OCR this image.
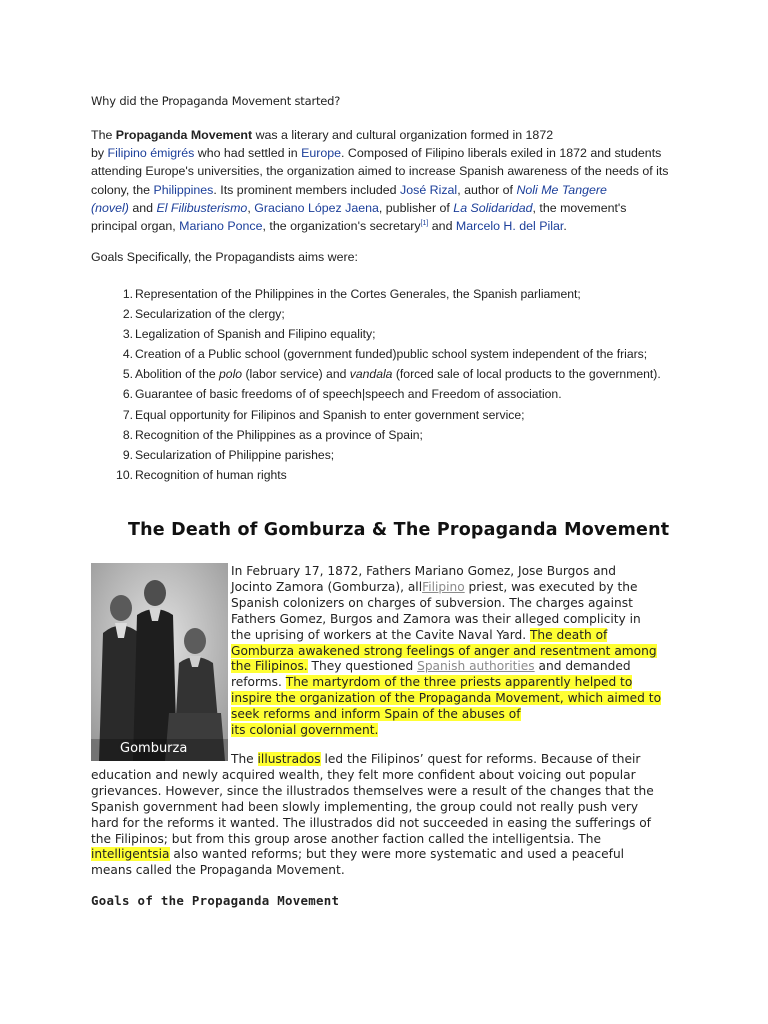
Why did the Propaganda Movement started?
The Propaganda Movement was a literary and cultural organization formed in 1872
by Filipino émigrés who had settled in Europe. Composed of Filipino liberals exiled in 1872 and students
attending Europe's universities, the organization aimed to increase Spanish awareness of the needs of its
colony, the Philippines. Its prominent members included José Rizal, author of Noli Me Tangere
(novel) and El Filibusterismo, Graciano López Jaena, publisher of La Solidaridad, the movement's
principal organ, Mariano Ponce, the organization's secretary[1] and Marcelo H. del Pilar.
Goals Specifically, the Propagandists aims were:
1. Representation of the Philippines in the Cortes Generales, the Spanish parliament;
2. Secularization of the clergy;
3. Legalization of Spanish and Filipino equality;
4. Creation of a Public school (government funded)public school system independent of the friars;
5. Abolition of the polo (labor service) and vandala (forced sale of local products to the government).
6. Guarantee of basic freedoms of of speech|speech and Freedom of association.
7. Equal opportunity for Filipinos and Spanish to enter government service;
8. Recognition of the Philippines as a province of Spain;
9. Secularization of Philippine parishes;
10. Recognition of human rights
The Death of Gomburza & The Propaganda Movement
Gomburza
In February 17, 1872, Fathers Mariano Gomez, Jose Burgos and
Jocinto Zamora (Gomburza), allFilipino priest, was executed by the
Spanish colonizers on charges of subversion. The charges against
Fathers Gomez, Burgos and Zamora was their alleged complicity in
the uprising of workers at the Cavite Naval Yard. The death of
Gomburza awakened strong feelings of anger and resentment among
the Filipinos. They questioned Spanish authorities and demanded
reforms. The martyrdom of the three priests apparently helped to
inspire the organization of the Propaganda Movement, which aimed to
seek reforms and inform Spain of the abuses of
its colonial government.
The illustrados led the Filipinos’ quest for reforms. Because of their
education and newly acquired wealth, they felt more confident about voicing out popular
grievances. However, since the illustrados themselves were a result of the changes that the
Spanish government had been slowly implementing, the group could not really push very
hard for the reforms it wanted. The illustrados did not succeeded in easing the sufferings of
the Filipinos; but from this group arose another faction called the intelligentsia. The
intelligentsia also wanted reforms; but they were more systematic and used a peaceful
means called the Propaganda Movement.
Goals of the Propaganda Movement
